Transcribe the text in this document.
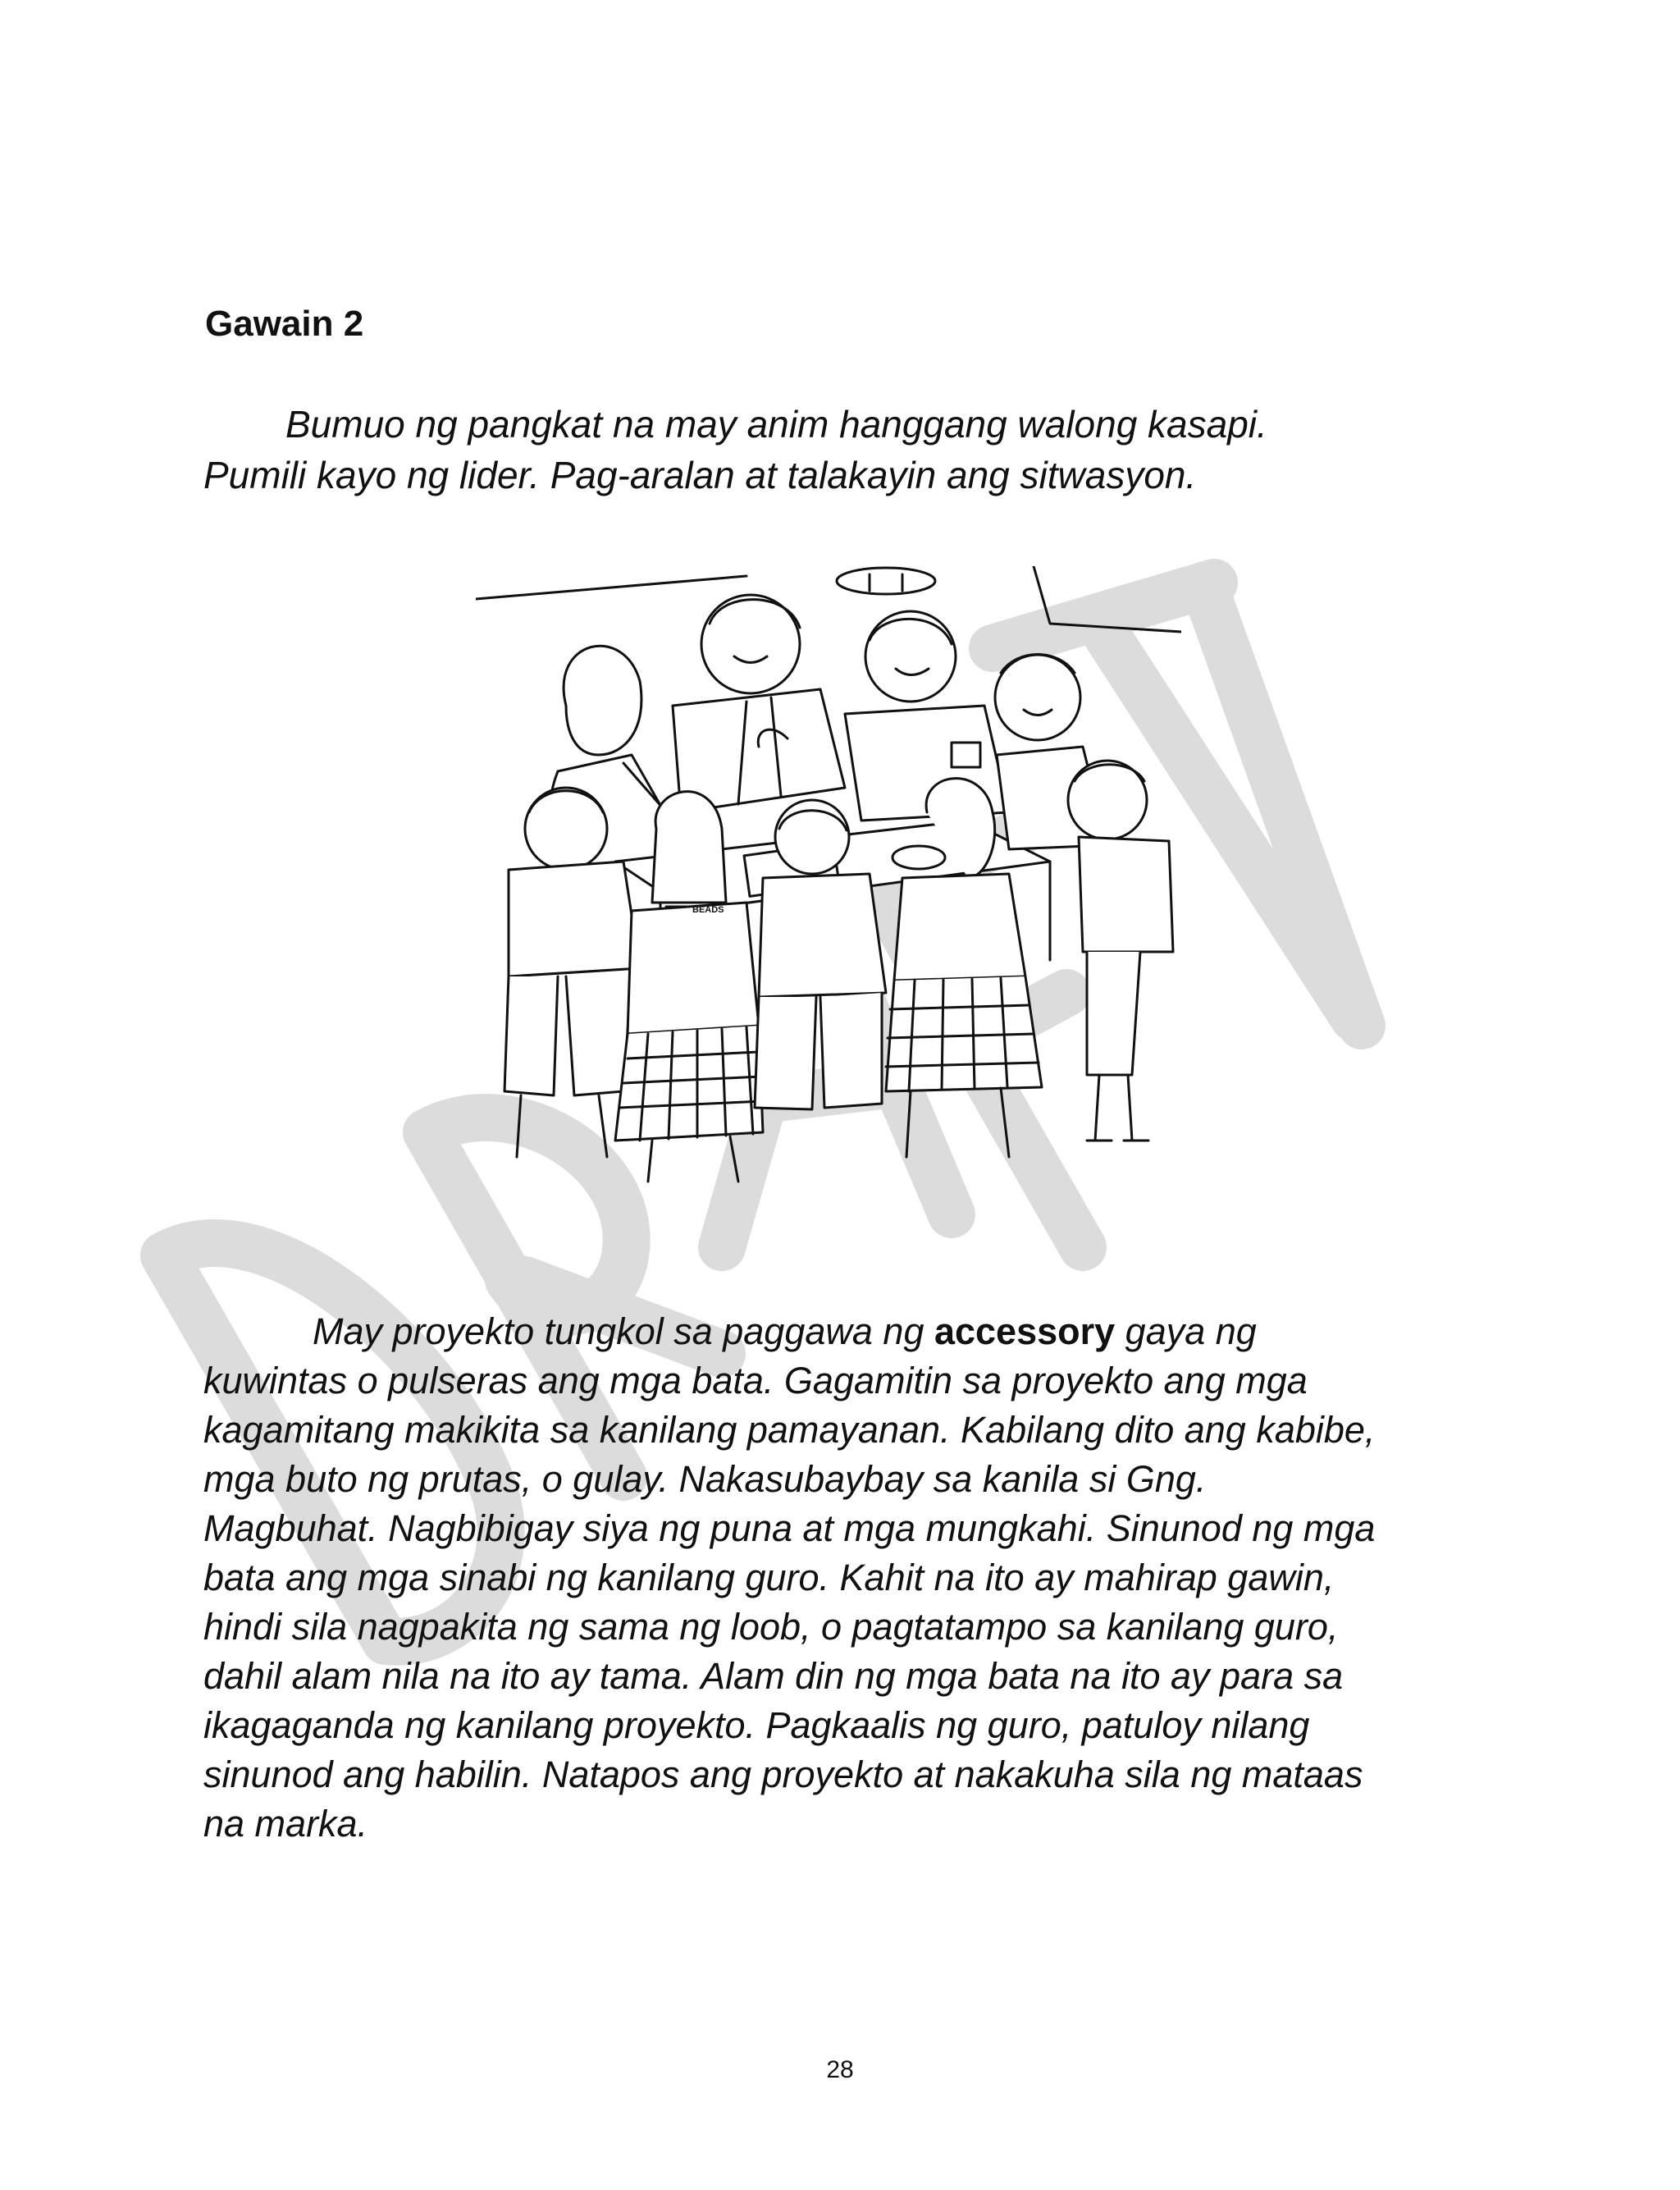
Gawain 2

Bumuo ng pangkat na may anim hanggang walong kasapi. Pumili kayo ng lider. Pag-aralan at talakayin ang sitwasyon.

BEADS

May proyekto tungkol sa paggawa ng accessory gaya ng kuwintas o pulseras ang mga bata. Gagamitin sa proyekto ang mga kagamitang makikita sa kanilang pamayanan. Kabilang dito ang kabibe, mga buto ng prutas, o gulay. Nakasubaybay sa kanila si Gng. Magbuhat. Nagbibigay siya ng puna at mga mungkahi. Sinunod ng mga bata ang mga sinabi ng kanilang guro. Kahit na ito ay mahirap gawin, hindi sila nagpakita ng sama ng loob, o pagtatampo sa kanilang guro, dahil alam nila na ito ay tama. Alam din ng mga bata na ito ay para sa ikagaganda ng kanilang proyekto. Pagkaalis ng guro, patuloy nilang sinunod ang habilin. Natapos ang proyekto at nakakuha sila ng mataas na marka.

28
